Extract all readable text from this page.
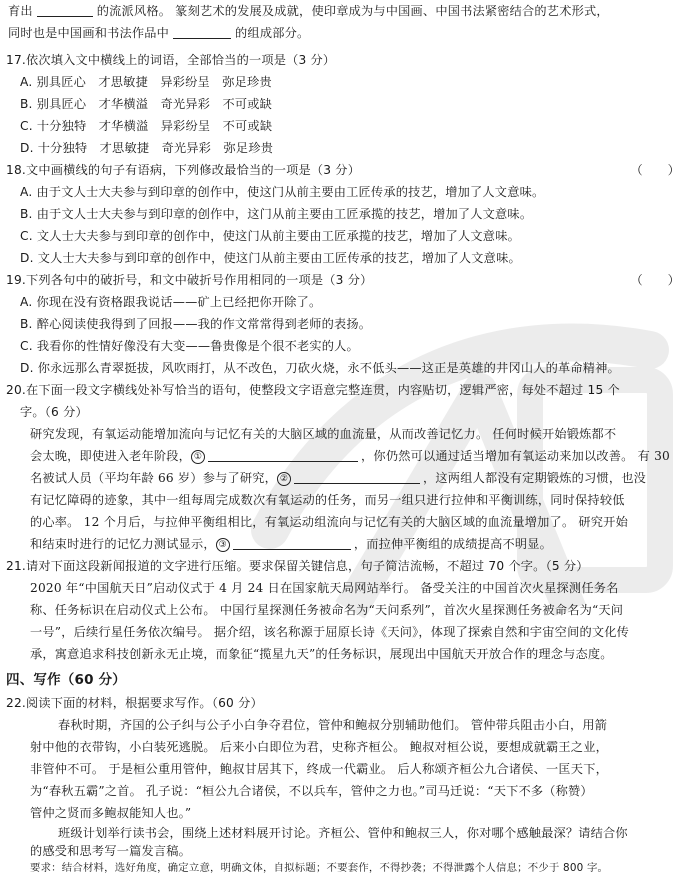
育出	的流派风格。 篆刻艺术的发展及成就，使印章成为与中国画、中国书法紧密结合的艺术形式，
同时也是中国画和书法作品中	的组成部分。
17.依次填入文中横线上的词语，全部恰当的一项是（3 分）
A. 别具匠心　才思敏捷　异彩纷呈　弥足珍贵
B. 别具匠心　才华横溢　奇光异彩　不可或缺
C. 十分独特　才华横溢　异彩纷呈　不可或缺
D. 十分独特　才思敏捷　奇光异彩　弥足珍贵
18.文中画横线的句子有语病，下列修改最恰当的一项是（3 分）	（　　）
A. 由于文人士大夫参与到印章的创作中，使这门从前主要由工匠传承的技艺，增加了人文意味。
B. 由于文人士大夫参与到印章的创作中，这门从前主要由工匠承揽的技艺，增加了人文意味。
C. 文人士大夫参与到印章的创作中，使这门从前主要由工匠承揽的技艺，增加了人文意味。
D. 文人士大夫参与到印章的创作中，使这门从前主要由工匠传承的技艺，增加了人文意味。
19.下列各句中的破折号，和文中破折号作用相同的一项是（3 分）	（　　）
A. 你现在没有资格跟我说话——矿上已经把你开除了。
B. 醉心阅读使我得到了回报——我的作文常常得到老师的表扬。
C. 我看你的性情好像没有大变——鲁贵像是个很不老实的人。
D. 你永远那么青翠挺拔，风吹雨打，从不改色，刀砍火烧，永不低头——这正是英雄的井冈山人的革命精神。
20.在下面一段文字横线处补写恰当的语句，使整段文字语意完整连贯，内容贴切，逻辑严密，每处不超过 15 个
字。（6 分）
研究发现，有氧运动能增加流向与记忆有关的大脑区域的血流量，从而改善记忆力。 任何时候开始锻炼都不
会太晚，即使进入老年阶段， ①	，你仍然可以通过适当增加有氧运动来加以改善。 有 30
名被试人员（平均年龄 66 岁）参与了研究， ②	，这两组人都没有定期锻炼的习惯，也没
有记忆障碍的迹象，其中一组每周完成数次有氧运动的任务，而另一组只进行拉伸和平衡训练，同时保持较低
的心率。 12 个月后，与拉伸平衡组相比，有氧运动组流向与记忆有关的大脑区域的血流量增加了。 研究开始
和结束时进行的记忆力测试显示， ③	，而拉伸平衡组的成绩提高不明显。
21.请对下面这段新闻报道的文字进行压缩。要求保留关键信息，句子简洁流畅，不超过 70 个字。（5 分）
2020 年“中国航天日”启动仪式于 4 月 24 日在国家航天局网站举行。 备受关注的中国首次火星探测任务名
称、任务标识在启动仪式上公布。 中国行星探测任务被命名为“天问系列”，首次火星探测任务被命名为“天问
一号”，后续行星任务依次编号。 据介绍，该名称源于屈原长诗《天问》，体现了探索自然和宇宙空间的文化传
承，寓意追求科技创新永无止境，而象征“揽星九天”的任务标识，展现出中国航天开放合作的理念与态度。
四、写作（60 分）
22.阅读下面的材料，根据要求写作。（60 分）
春秋时期，齐国的公子纠与公子小白争夺君位，管仲和鲍叔分别辅助他们。 管仲带兵阻击小白，用箭
射中他的衣带钩，小白装死逃脱。 后来小白即位为君，史称齐桓公。 鲍叔对桓公说，要想成就霸王之业，
非管仲不可。 于是桓公重用管仲，鲍叔甘居其下，终成一代霸业。 后人称颂齐桓公九合诸侯、一匡天下，
为“春秋五霸”之首。 孔子说：“桓公九合诸侯，不以兵车，管仲之力也。”司马迁说：“天下不多（称赞）
管仲之贤而多鲍叔能知人也。”
班级计划举行读书会，围绕上述材料展开讨论。齐桓公、管仲和鲍叔三人，你对哪个感触最深？请结合你
的感受和思考写一篇发言稿。
要求：结合材料，选好角度，确定立意，明确文体，自拟标题；不要套作，不得抄袭；不得泄露个人信息；不少于 800 字。
